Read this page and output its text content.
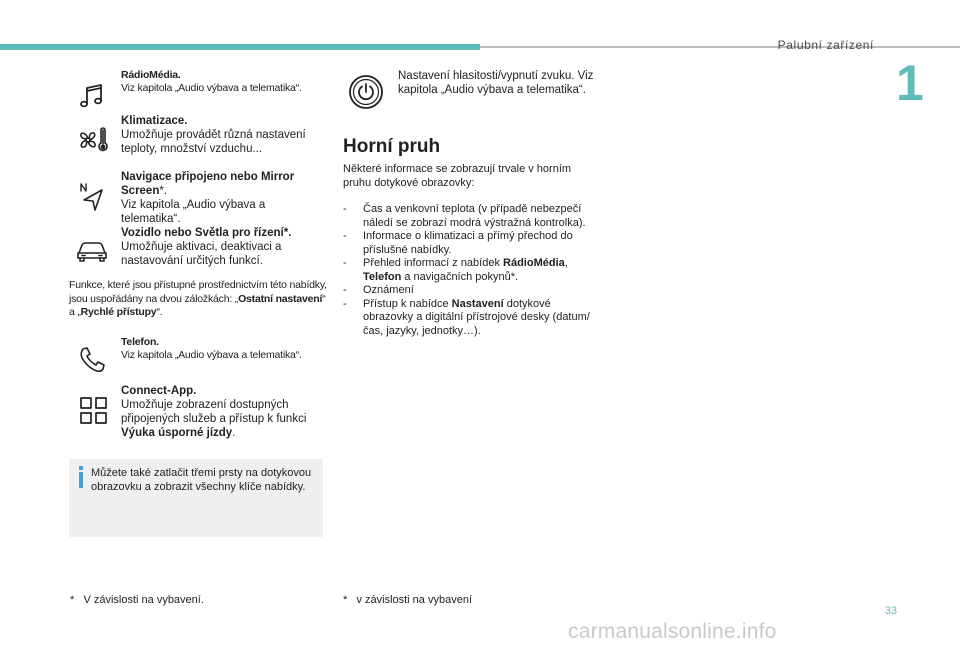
Palubní zařízení
1
RádioMédia.
Viz kapitola „Audio výbava a telematika“.
Klimatizace.
Umožňuje provádět různá nastavení teploty, množství vzduchu...
Navigace připojeno nebo Mirror Screen*.
Viz kapitola „Audio výbava a telematika“.
Vozidlo nebo Světla pro řízení*.
Umožňuje aktivaci, deaktivaci a nastavování určitých funkcí.
Funkce, které jsou přístupné prostřednictvím této nabídky, jsou uspořádány na dvou záložkách: „Ostatní nastavení“ a „Rychlé přístupy“.
Telefon.
Viz kapitola „Audio výbava a telematika“.
Connect-App.
Umožňuje zobrazení dostupných připojených služeb a přístup k funkci Výuka úsporné jízdy.
Můžete také zatlačit třemi prsty na dotykovou obrazovku a zobrazit všechny klíče nabídky.
Nastavení hlasitosti/vypnutí zvuku. Viz kapitola „Audio výbava a telematika“.
Horní pruh
Některé informace se zobrazují trvale v horním pruhu dotykové obrazovky:
- Čas a venkovní teplota (v případě nebezpečí náledí se zobrazí modrá výstražná kontrolka).
- Informace o klimatizaci a přímý přechod do příslušné nabídky.
- Přehled informací z nabídek RádioMédia, Telefon a navigačních pokynů*.
- Oznámení
- Přístup k nabídce Nastavení dotykové obrazovky a digitální přístrojové desky (datum/čas, jazyky, jednotky…).
*   V závislosti na vybavení.	*   v závislosti na vybavení
33
carmanualsonline.info
